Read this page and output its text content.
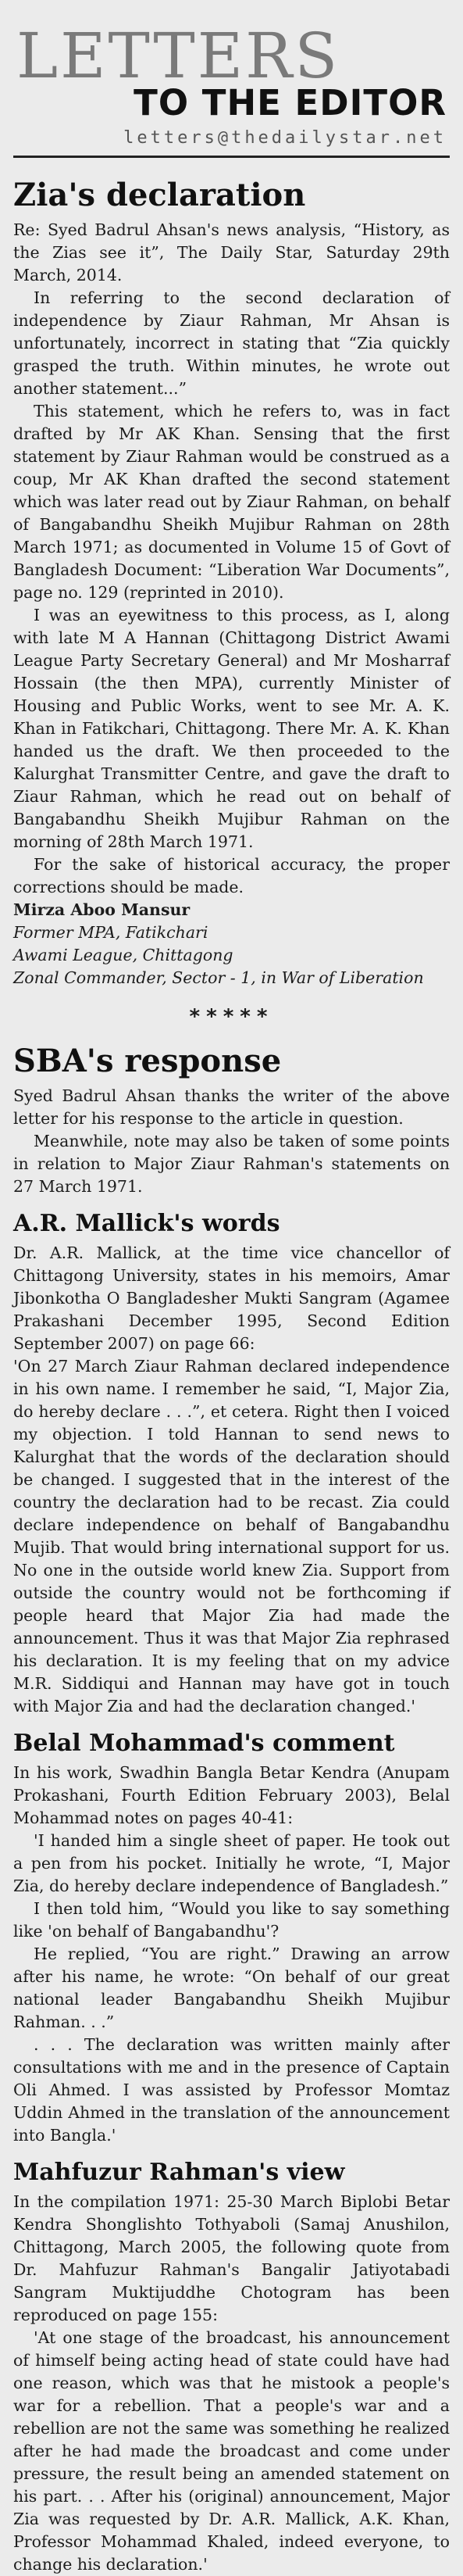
LETTERS
TO THE EDITOR
letters@thedailystar.net
Zia's declaration

Re: Syed Badrul Ahsan's news analysis, “History, as the Zias see it”, The Daily Star, Saturday 29th March, 2014.

In referring to the second declaration of independence by Ziaur Rahman, Mr Ahsan is unfortunately, incorrect in stating that “Zia quickly grasped the truth. Within minutes, he wrote out another statement...”

This statement, which he refers to, was in fact drafted by Mr AK Khan. Sensing that the first statement by Ziaur Rahman would be construed as a coup, Mr AK Khan drafted the second statement which was later read out by Ziaur Rahman, on behalf of Bangabandhu Sheikh Mujibur Rahman on 28th March 1971; as documented in Volume 15 of Govt of Bangladesh Document: “Liberation War Documents”, page no. 129 (reprinted in 2010).

I was an eyewitness to this process, as I, along with late M A Hannan (Chittagong District Awami League Party Secretary General) and Mr Mosharraf Hossain (the then MPA), currently Minister of Housing and Public Works, went to see Mr. A. K. Khan in Fatikchari, Chittagong. There Mr. A. K. Khan handed us the draft. We then proceeded to the Kalurghat Transmitter Centre, and gave the draft to Ziaur Rahman, which he read out on behalf of Bangabandhu Sheikh Mujibur Rahman on the morning of 28th March 1971.

For the sake of historical accuracy, the proper corrections should be made.

Mirza Aboo Mansur
Former MPA, Fatikchari
Awami League, Chittagong
Zonal Commander, Sector - 1, in War of Liberation
*****
SBA's response

Syed Badrul Ahsan thanks the writer of the above letter for his response to the article in question.

Meanwhile, note may also be taken of some points in relation to Major Ziaur Rahman's statements on 27 March 1971.

A.R. Mallick's words

Dr. A.R. Mallick, at the time vice chancellor of Chittagong University, states in his memoirs, Amar Jibonkotha O Bangladesher Mukti Sangram (Agamee Prakashani December 1995, Second Edition September 2007) on page 66:

'On 27 March Ziaur Rahman declared independence in his own name. I remember he said, “I, Major Zia, do hereby declare . . .”, et cetera. Right then I voiced my objection. I told Hannan to send news to Kalurghat that the words of the declaration should be changed. I suggested that in the interest of the country the declaration had to be recast. Zia could declare independence on behalf of Bangabandhu Mujib. That would bring international support for us. No one in the outside world knew Zia. Support from outside the country would not be forthcoming if people heard that Major Zia had made the announcement. Thus it was that Major Zia rephrased his declaration. It is my feeling that on my advice M.R. Siddiqui and Hannan may have got in touch with Major Zia and had the declaration changed.'

Belal Mohammad's comment

In his work, Swadhin Bangla Betar Kendra (Anupam Prokashani, Fourth Edition February 2003), Belal Mohammad notes on pages 40-41:

'I handed him a single sheet of paper. He took out a pen from his pocket. Initially he wrote, “I, Major Zia, do hereby declare independence of Bangladesh.”

I then told him, “Would you like to say something like 'on behalf of Bangabandhu'?

He replied, “You are right.” Drawing an arrow after his name, he wrote: “On behalf of our great national leader Bangabandhu Sheikh Mujibur Rahman. . .”

. . . The declaration was written mainly after consultations with me and in the presence of Captain Oli Ahmed. I was assisted by Professor Momtaz Uddin Ahmed in the translation of the announcement into Bangla.'

Mahfuzur Rahman's view

In the compilation 1971: 25-30 March Biplobi Betar Kendra Shonglishto Tothyaboli (Samaj Anushilon, Chittagong, March 2005, the following quote from Dr. Mahfuzur Rahman's Bangalir Jatiyotabadi Sangram Muktijuddhe Chotogram has been reproduced on page 155:

'At one stage of the broadcast, his announcement of himself being acting head of state could have had one reason, which was that he mistook a people's war for a rebellion. That a people's war and a rebellion are not the same was something he realized after he had made the broadcast and come under pressure, the result being an amended statement on his part. . . After his (original) announcement, Major Zia was requested by Dr. A.R. Mallick, A.K. Khan, Professor Mohammad Khaled, indeed everyone, to change his declaration.'
